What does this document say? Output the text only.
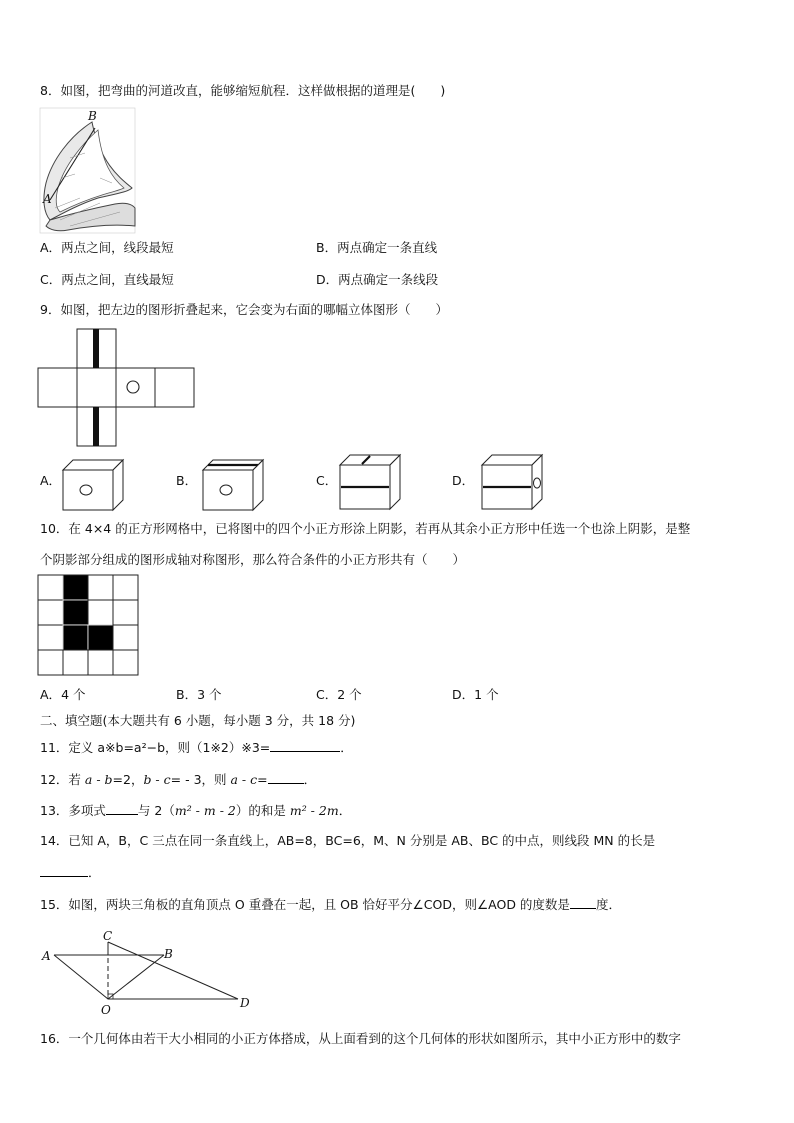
8．如图，把弯曲的河道改直，能够缩短航程．这样做根据的道理是(　　)
B
A
A．两点之间，线段最短	B．两点确定一条直线
C．两点之间，直线最短	D．两点确定一条线段
9．如图，把左边的图形折叠起来，它会变为右面的哪幅立体图形（　　）
A．	B．	C．	D．
10．在 4×4 的正方形网格中，已将图中的四个小正方形涂上阴影，若再从其余小正方形中任选一个也涂上阴影，是整
个阴影部分组成的图形成轴对称图形，那么符合条件的小正方形共有（　　）
A．4 个	B．3 个	C．2 个	D．1 个
二、填空题(本大题共有 6 小题，每小题 3 分，共 18 分)
11．定义 a※b=a²−b，则（1※2）※3=	．
12．若 a - b=2，b - c= - 3，则 a - c=	．
13．多项式	与 2（m² - m - 2）的和是 m² - 2m．
14．已知 A，B，C 三点在同一条直线上，AB=8，BC=6，M、N 分别是 AB、BC 的中点，则线段 MN 的长是
．
15．如图，两块三角板的直角顶点 O 重叠在一起，且 OB 恰好平分∠COD，则∠AOD 的度数是 度．
A	B
C
D
O
16．一个几何体由若干大小相同的小正方体搭成，从上面看到的这个几何体的形状如图所示，其中小正方形中的数字
